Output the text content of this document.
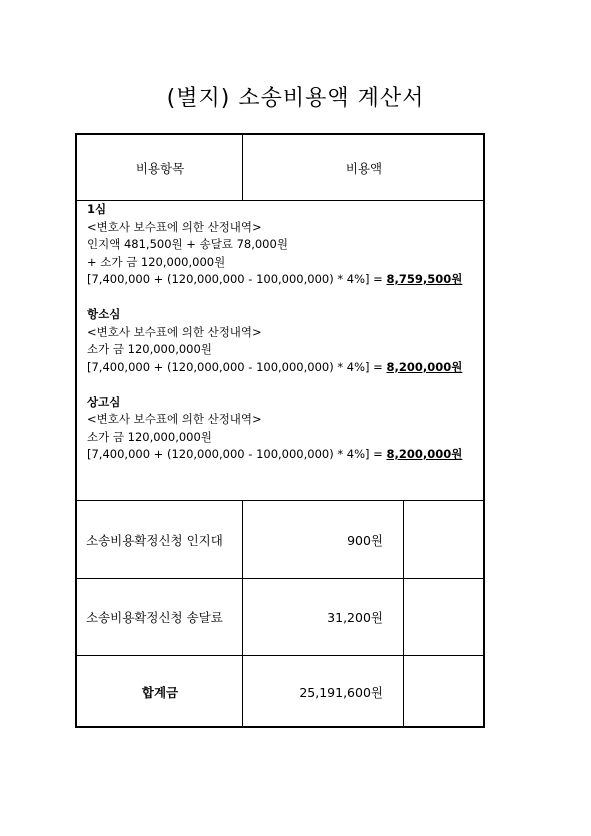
(별지) 소송비용액 계산서
비용항목	비용액
1심
<변호사 보수표에 의한 산정내역>
인지액 481,500원 + 송달료 78,000원
+ 소가 금 120,000,000원
[7,400,000 + (120,000,000 - 100,000,000) * 4%] = 8,759,500원
항소심
<변호사 보수표에 의한 산정내역>
소가 금 120,000,000원
[7,400,000 + (120,000,000 - 100,000,000) * 4%] = 8,200,000원
상고심
<변호사 보수표에 의한 산정내역>
소가 금 120,000,000원
[7,400,000 + (120,000,000 - 100,000,000) * 4%] = 8,200,000원
소송비용확정신청 인지대	900원
소송비용확정신청 송달료	31,200원
합계금	25,191,600원
